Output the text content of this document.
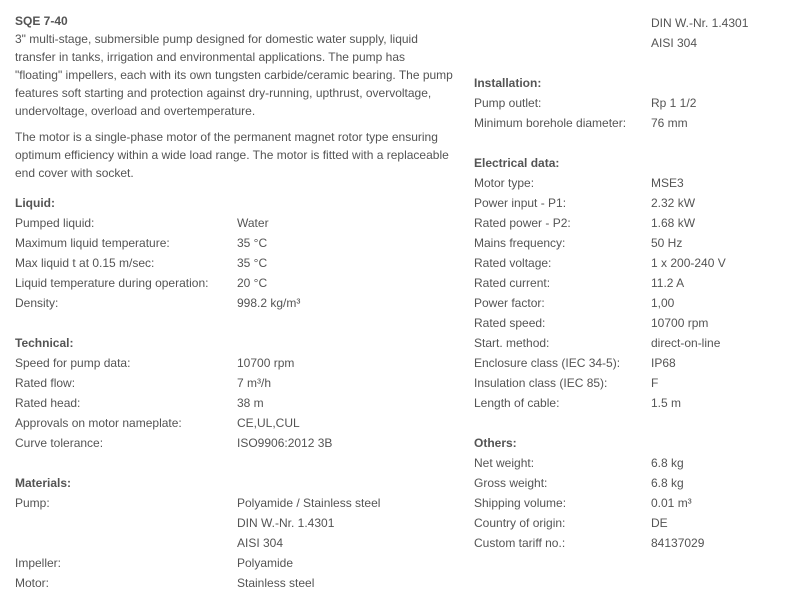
SQE 7-40

3" multi-stage, submersible pump designed for domestic water supply, liquid transfer in tanks, irrigation and environmental applications. The pump has "floating" impellers, each with its own tungsten carbide/ceramic bearing. The pump features soft starting and protection against dry-running, upthrust, overvoltage, undervoltage, overload and overtemperature.

The motor is a single-phase motor of the permanent magnet rotor type ensuring optimum efficiency within a wide load range. The motor is fitted with a replaceable end cover with socket.

Liquid:
Pumped liquid:	Water
Maximum liquid temperature:	35 °C
Max liquid t at 0.15 m/sec:	35 °C
Liquid temperature during operation:	20 °C
Density:	998.2 kg/m³
Technical:
Speed for pump data:	10700 rpm
Rated flow:	7 m³/h
Rated head:	38 m
Approvals on motor nameplate:	CE,UL,CUL
Curve tolerance:	ISO9906:2012 3B
Materials:
Pump:	Polyamide / Stainless steel
DIN W.-Nr. 1.4301
AISI 304
Impeller:	Polyamide
Motor:	Stainless steel
DIN W.-Nr. 1.4301
AISI 304
Installation:
Pump outlet:	Rp 1 1/2
Minimum borehole diameter:	76 mm
Electrical data:
Motor type:	MSE3
Power input - P1:	2.32 kW
Rated power - P2:	1.68 kW
Mains frequency:	50 Hz
Rated voltage:	1 x 200-240 V
Rated current:	11.2 A
Power factor:	1,00
Rated speed:	10700 rpm
Start. method:	direct-on-line
Enclosure class (IEC 34-5):	IP68
Insulation class (IEC 85):	F
Length of cable:	1.5 m
Others:
Net weight:	6.8 kg
Gross weight:	6.8 kg
Shipping volume:	0.01 m³
Country of origin:	DE
Custom tariff no.:	84137029
